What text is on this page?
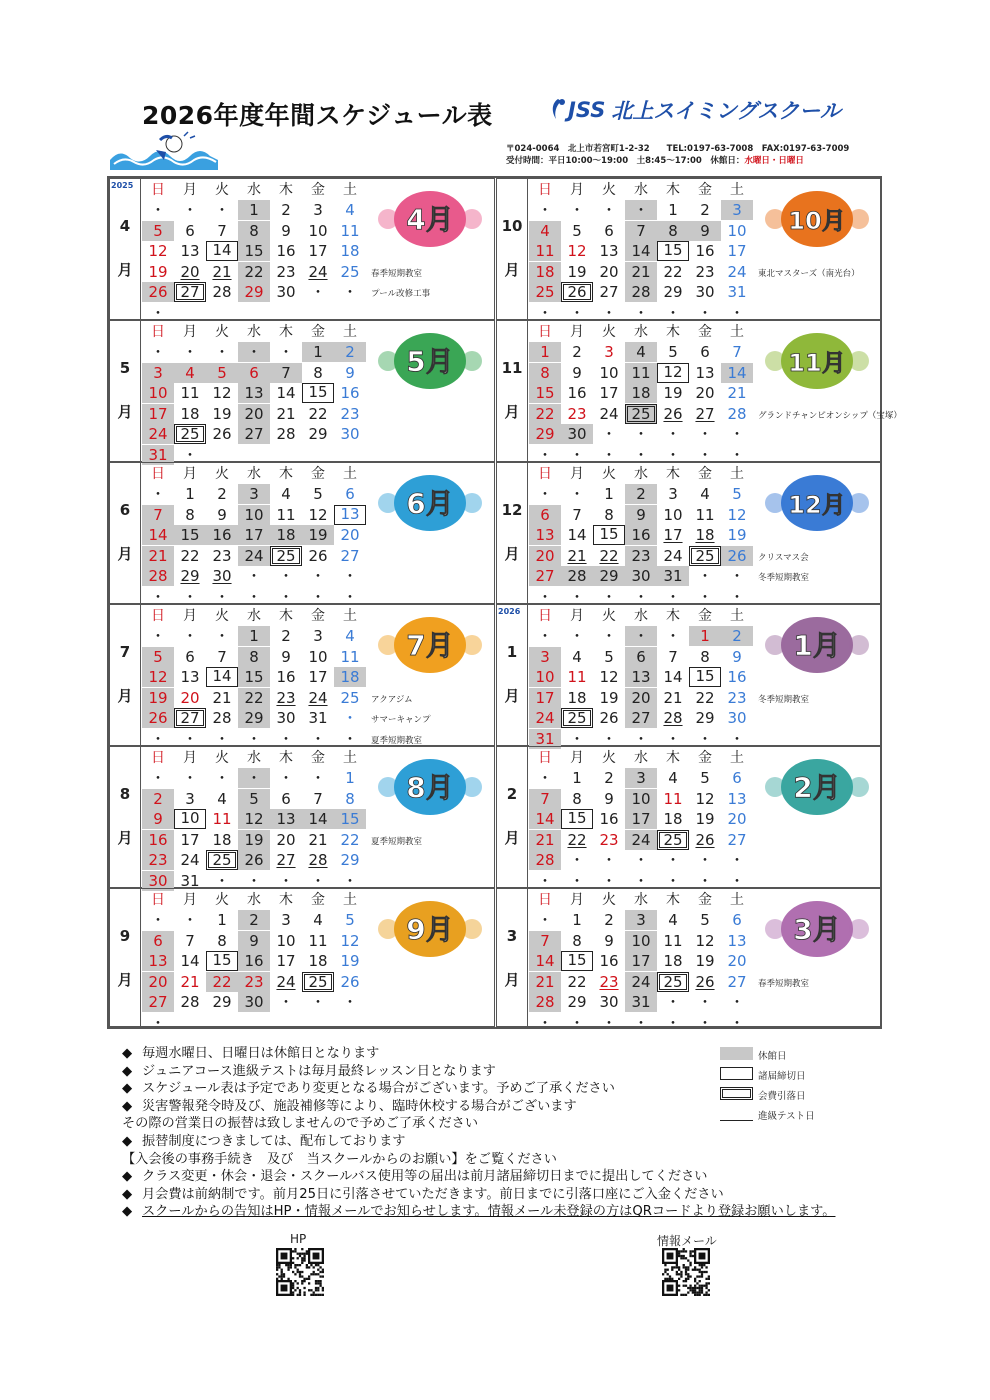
2026年度年間スケジュール表	JSS 北上スイミングスクール
〒024-0064　北上市若宮町1-2-32　　TEL:0197-63-7008　FAX:0197-63-7009
受付時間：平日10:00～19:00　土8:45～17:00　休館日：水曜日・日曜日
2025
4
月
日	月	火	水	木	金	土
・	・	・	1	2	3	4
5	6	7	8	9	10 11
12 13 14 15 16 17 18
19 20 21 22 23 24 25
26 27 28 29 30 ・	・
・
4月
春季短期教室
プール改修工事
10
月
日	月	火	水	木	金	土
・	・	・	・	1	2	3
4	5	6	7	8	9	10
11 12 13 14 15 16 17
18 19 20 21 22 23 24
25 26 27 28 29 30 31
・	・	・	・	・	・	・
10月
東北マスターズ（南光台）
5
月
日	月	火	水	木	金	土
・	・	・	・	・	1	2
3	4	5	6	7	8	9
10 11 12 13 14 15 16
17 18 19 20 21 22 23
24 25 26 27 28 29 30
31 ・
5月	11
月
日	月	火	水	木	金	土
1	2	3	4	5	6	7
8	9	10 11 12 13 14
15 16 17 18 19 20 21
22 23 24 25 26 27 28
29 30 ・	・	・	・	・
・	・	・	・	・	・	・
11月
グランドチャンピオンシップ（宝塚）
6
月
日	月	火	水	木	金	土
・	1	2	3	4	5	6
7	8	9	10 11 12 13
14 15 16 17 18 19 20
21 22 23 24 25 26 27
28 29 30 ・	・	・	・
・	・	・	・	・	・	・
6月	12
月
日	月	火	水	木	金	土
・	・	1	2	3	4	5
6	7	8	9	10 11 12
13 14 15 16 17 18 19
20 21 22 23 24 25 26
27 28 29 30 31 ・	・
・	・	・	・	・	・	・
12月
クリスマス会
冬季短期教室
7
月
日	月	火	水	木	金	土
・	・	・	1	2	3	4
5	6	7	8	9	10 11
12 13 14 15 16 17 18
19 20 21 22 23 24 25
26 27 28 29 30 31 ・
・	・	・	・	・	・	・
7月
アクアジム
サマーキャンプ
夏季短期教室
2026
1
月
日	月	火	水	木	金	土
・	・	・	・	・	1	2
3	4	5	6	7	8	9
10 11 12 13 14 15 16
17 18 19 20 21 22 23
24 25 26 27 28 29 30
31 ・	・	・	・	・	・
1月
冬季短期教室
8
月
日	月	火	水	木	金	土
・	・	・	・	・	・	1
2	3	4	5	6	7	8
9	10 11 12 13 14 15
16 17 18 19 20 21 22
23 24 25 26 27 28 29
30 31 ・	・	・	・	・
8月
夏季短期教室
2
月
日	月	火	水	木	金	土
・	1	2	3	4	5	6
7	8	9	10 11 12 13
14 15 16 17 18 19 20
21 22 23 24 25 26 27
28 ・	・	・	・	・	・
・	・	・	・	・	・	・
2月
9
月
日	月	火	水	木	金	土
・	・	1	2	3	4	5
6	7	8	9	10 11 12
13 14 15 16 17 18 19
20 21 22 23 24 25 26
27 28 29 30 ・	・	・
・
9月	3
月
日	月	火	水	木	金	土
・	1	2	3	4	5	6
7	8	9	10 11 12 13
14 15 16 17 18 19 20
21 22 23 24 25 26 27
28 29 30 31 ・	・	・
・	・	・	・	・	・	・
3月
春季短期教室
◆ 毎週水曜日、日曜日は休館日となります
◆ ジュニアコース進級テストは毎月最終レッスン日となります
◆ スケジュール表は予定であり変更となる場合がございます。予めご了承ください
◆ 災害警報発令時及び、施設補修等により、臨時休校する場合がございます
その際の営業日の振替は致しませんので予めご了承ください
◆ 振替制度につきましては、配布しております
【入会後の事務手続き　及び　当スクールからのお願い】をご覧ください
◆ クラス変更・休会・退会・スクールバス使用等の届出は前月諸届締切日までに提出してください
◆ 月会費は前納制です。前月25日に引落させていただきます。前日までに引落口座にご入金ください
◆ スクールからの告知はHP・情報メールでお知らせします。情報メール未登録の方はQRコードより登録お願いします。
休館日
諸届締切日
会費引落日
進級テスト日
HP	情報メール
